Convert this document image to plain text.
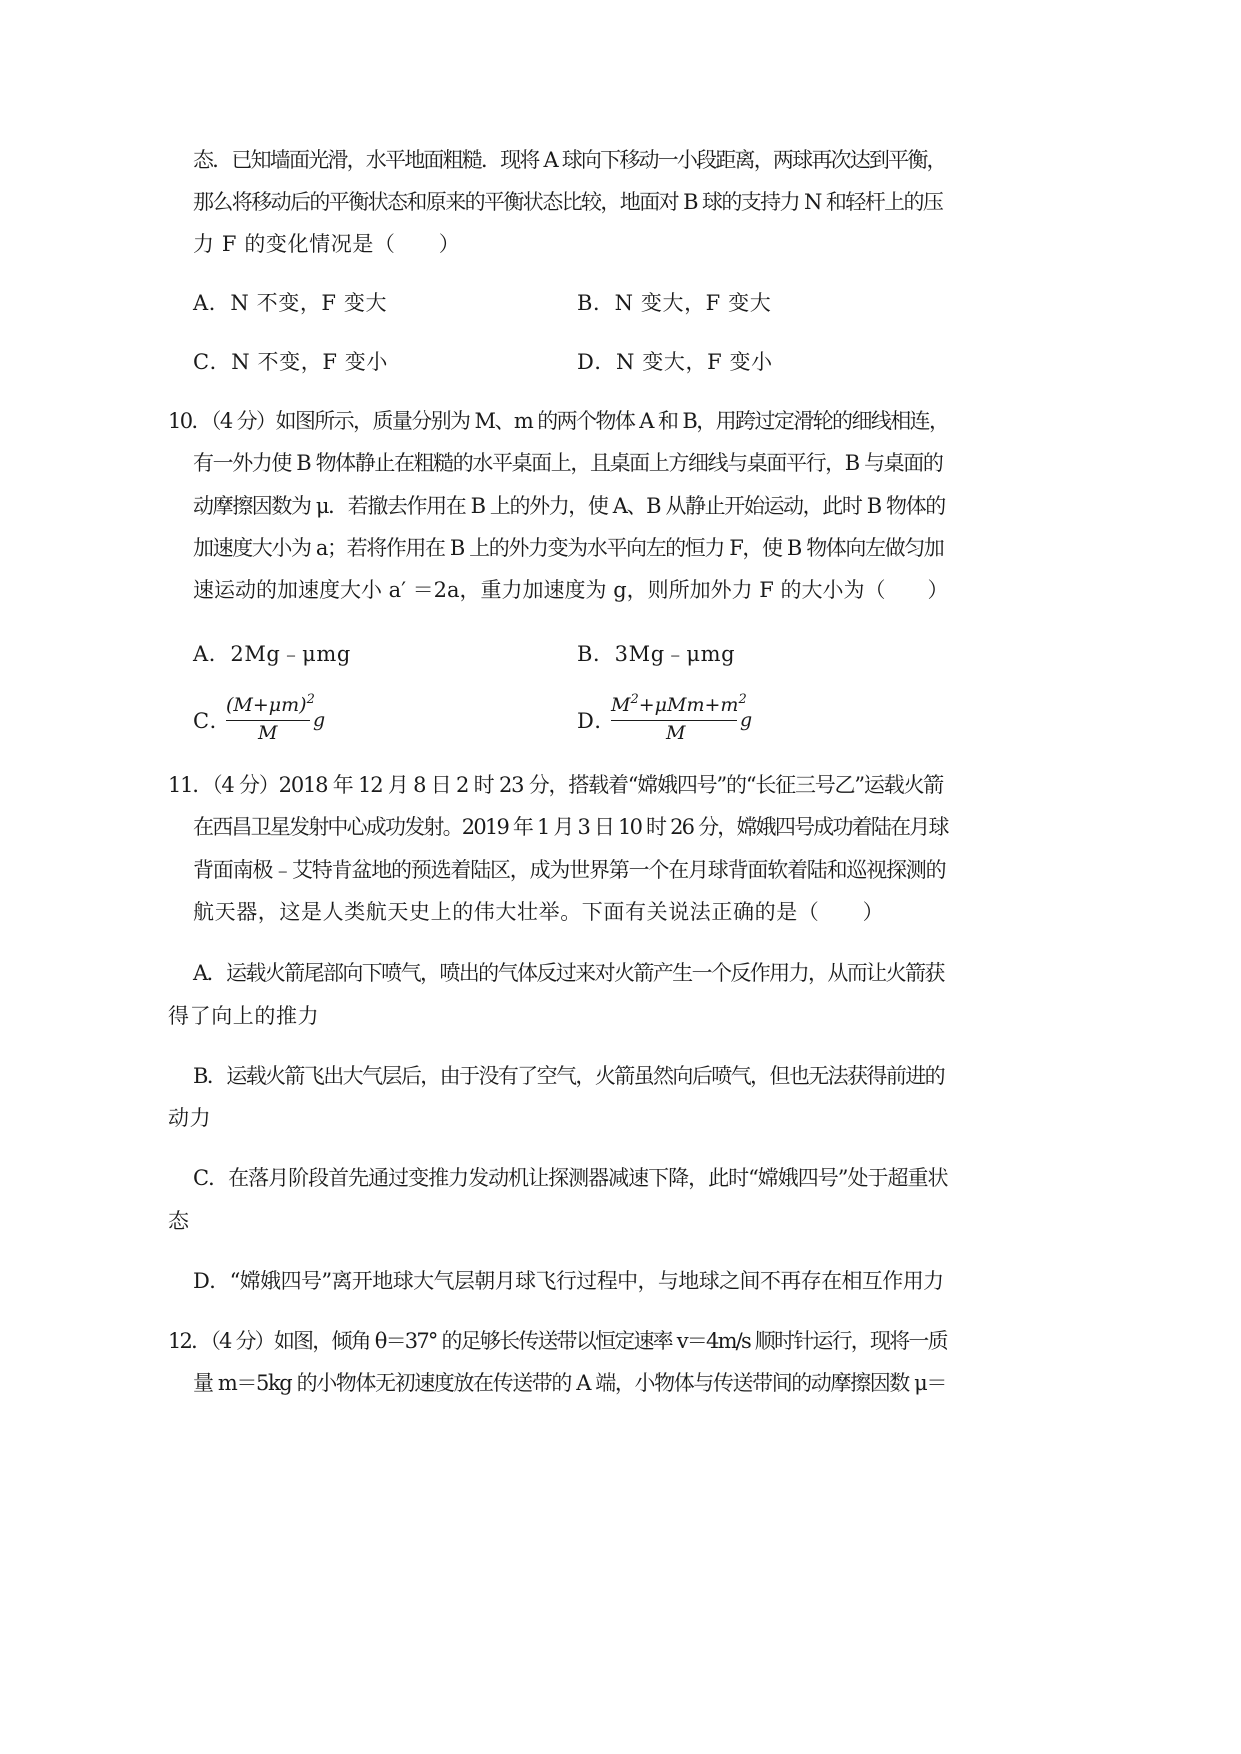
态．已知墙面光滑，水平地面粗糙．现将 A 球向下移动一小段距离，两球再次达到平衡，
那么将移动后的平衡状态和原来的平衡状态比较，地面对 B 球的支持力 N 和轻杆上的压
力 F 的变化情况是（　　）
A．N 不变，F 变大	B．N 变大，F 变大
C．N 不变，F 变小	D．N 变大，F 变小
10．（4 分）如图所示，质量分别为 M、m 的两个物体 A 和 B，用跨过定滑轮的细线相连，
有一外力使 B 物体静止在粗糙的水平桌面上，且桌面上方细线与桌面平行，B 与桌面的
动摩擦因数为 μ．若撤去作用在 B 上的外力，使 A、B 从静止开始运动，此时 B 物体的
加速度大小为 a；若将作用在 B 上的外力变为水平向左的恒力 F，使 B 物体向左做匀加
速运动的加速度大小 a′ ＝2a，重力加速度为 g，则所加外力 F 的大小为（　　）
A．2Mg﹣μmg	B．3Mg﹣μmg
C．
$(M+\mu m)^2$
M
g	D．
$M^2+\mu Mm+m^2$
M
g
11．（4 分）2018 年 12 月 8 日 2 时 23 分，搭载着“嫦娥四号”的“长征三号乙”运载火箭
在西昌卫星发射中心成功发射。2019 年 1 月 3 日 10 时 26 分，嫦娥四号成功着陆在月球
背面南极﹣艾特肯盆地的预选着陆区，成为世界第一个在月球背面软着陆和巡视探测的
航天器，这是人类航天史上的伟大壮举。下面有关说法正确的是（　　）
A．运载火箭尾部向下喷气，喷出的气体反过来对火箭产生一个反作用力，从而让火箭获
得了向上的推力
B．运载火箭飞出大气层后，由于没有了空气，火箭虽然向后喷气，但也无法获得前进的
动力
C．在落月阶段首先通过变推力发动机让探测器减速下降，此时“嫦娥四号”处于超重状
态
D．“嫦娥四号”离开地球大气层朝月球飞行过程中，与地球之间不再存在相互作用力
12．（4 分）如图，倾角 θ＝37° 的足够长传送带以恒定速率 v＝4m/s 顺时针运行，现将一质
量 m＝5kg 的小物体无初速度放在传送带的 A 端，小物体与传送带间的动摩擦因数 μ＝
